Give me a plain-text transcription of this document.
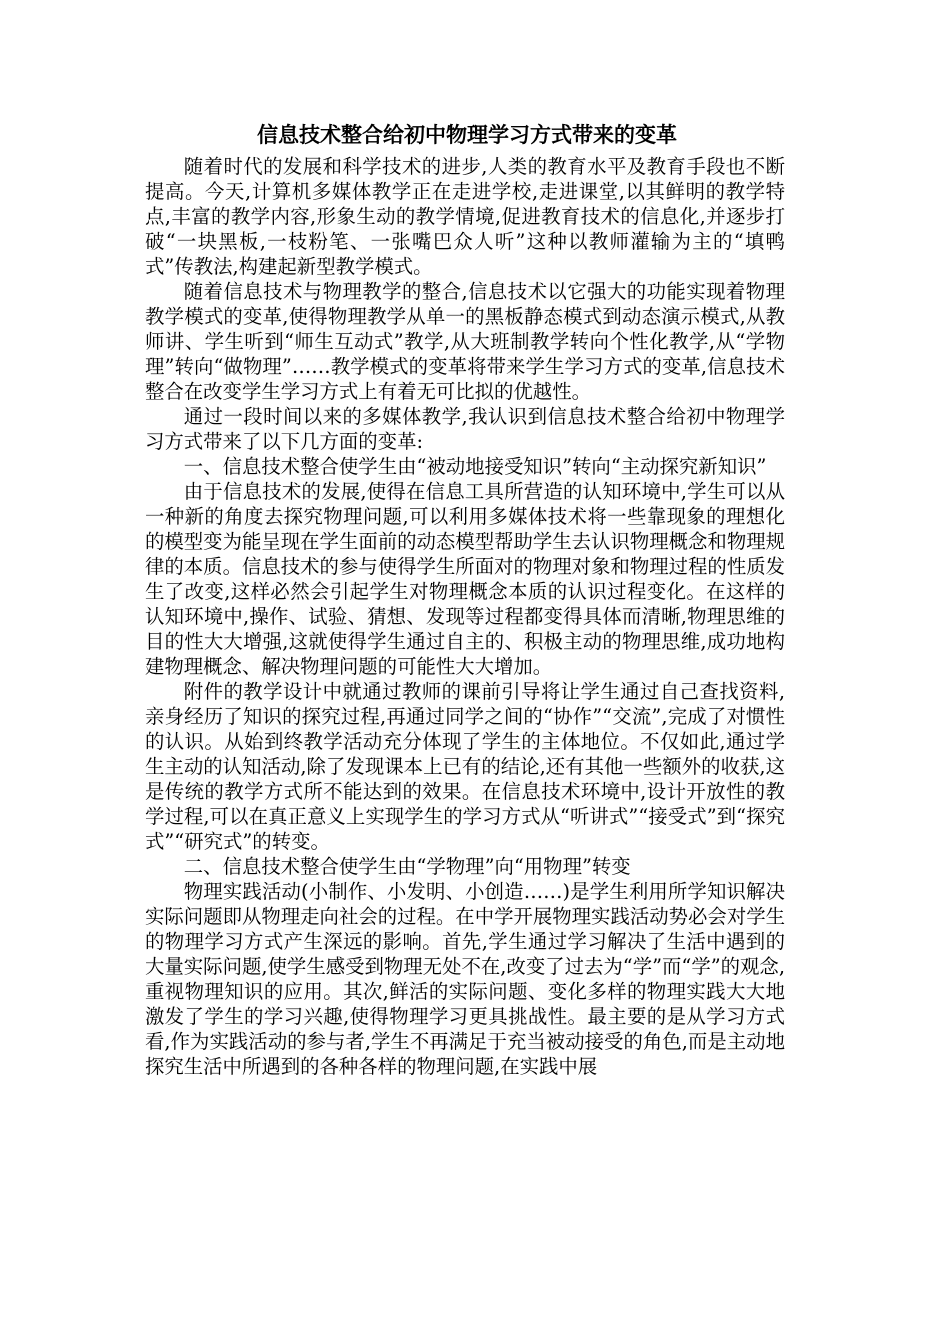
信息技术整合给初中物理学习方式带来的变革

随着时代的发展和科学技术的进步,人类的教育水平及教育手段也不断提高。今天,计算机多媒体教学正在走进学校,走进课堂,以其鲜明的教学特点,丰富的教学内容,形象生动的教学情境,促进教育技术的信息化,并逐步打破“一块黑板,一枝粉笔、一张嘴巴众人听”这种以教师灌输为主的“填鸭式”传教法,构建起新型教学模式。

随着信息技术与物理教学的整合,信息技术以它强大的功能实现着物理教学模式的变革,使得物理教学从单一的黑板静态模式到动态演示模式,从教师讲、学生听到“师生互动式”教学,从大班制教学转向个性化教学,从“学物理”转向“做物理”……教学模式的变革将带来学生学习方式的变革,信息技术整合在改变学生学习方式上有着无可比拟的优越性。

通过一段时间以来的多媒体教学,我认识到信息技术整合给初中物理学习方式带来了以下几方面的变革:

一、信息技术整合使学生由“被动地接受知识”转向“主动探究新知识”

由于信息技术的发展,使得在信息工具所营造的认知环境中,学生可以从一种新的角度去探究物理问题,可以利用多媒体技术将一些靠现象的理想化的模型变为能呈现在学生面前的动态模型帮助学生去认识物理概念和物理规律的本质。信息技术的参与使得学生所面对的物理对象和物理过程的性质发生了改变,这样必然会引起学生对物理概念本质的认识过程变化。在这样的认知环境中,操作、试验、猜想、发现等过程都变得具体而清晰,物理思维的目的性大大增强,这就使得学生通过自主的、积极主动的物理思维,成功地构建物理概念、解决物理问题的可能性大大增加。

附件的教学设计中就通过教师的课前引导将让学生通过自己查找资料,亲身经历了知识的探究过程,再通过同学之间的“协作”“交流”,完成了对惯性的认识。从始到终教学活动充分体现了学生的主体地位。不仅如此,通过学生主动的认知活动,除了发现课本上已有的结论,还有其他一些额外的收获,这是传统的教学方式所不能达到的效果。在信息技术环境中,设计开放性的教学过程,可以在真正意义上实现学生的学习方式从“听讲式”“接受式”到“探究式”“研究式”的转变。

二、信息技术整合使学生由“学物理”向“用物理”转变

物理实践活动(小制作、小发明、小创造……)是学生利用所学知识解决实际问题即从物理走向社会的过程。在中学开展物理实践活动势必会对学生的物理学习方式产生深远的影响。首先,学生通过学习解决了生活中遇到的大量实际问题,使学生感受到物理无处不在,改变了过去为“学”而“学”的观念,重视物理知识的应用。其次,鲜活的实际问题、变化多样的物理实践大大地激发了学生的学习兴趣,使得物理学习更具挑战性。最主要的是从学习方式看,作为实践活动的参与者,学生不再满足于充当被动接受的角色,而是主动地探究生活中所遇到的各种各样的物理问题,在实践中展
